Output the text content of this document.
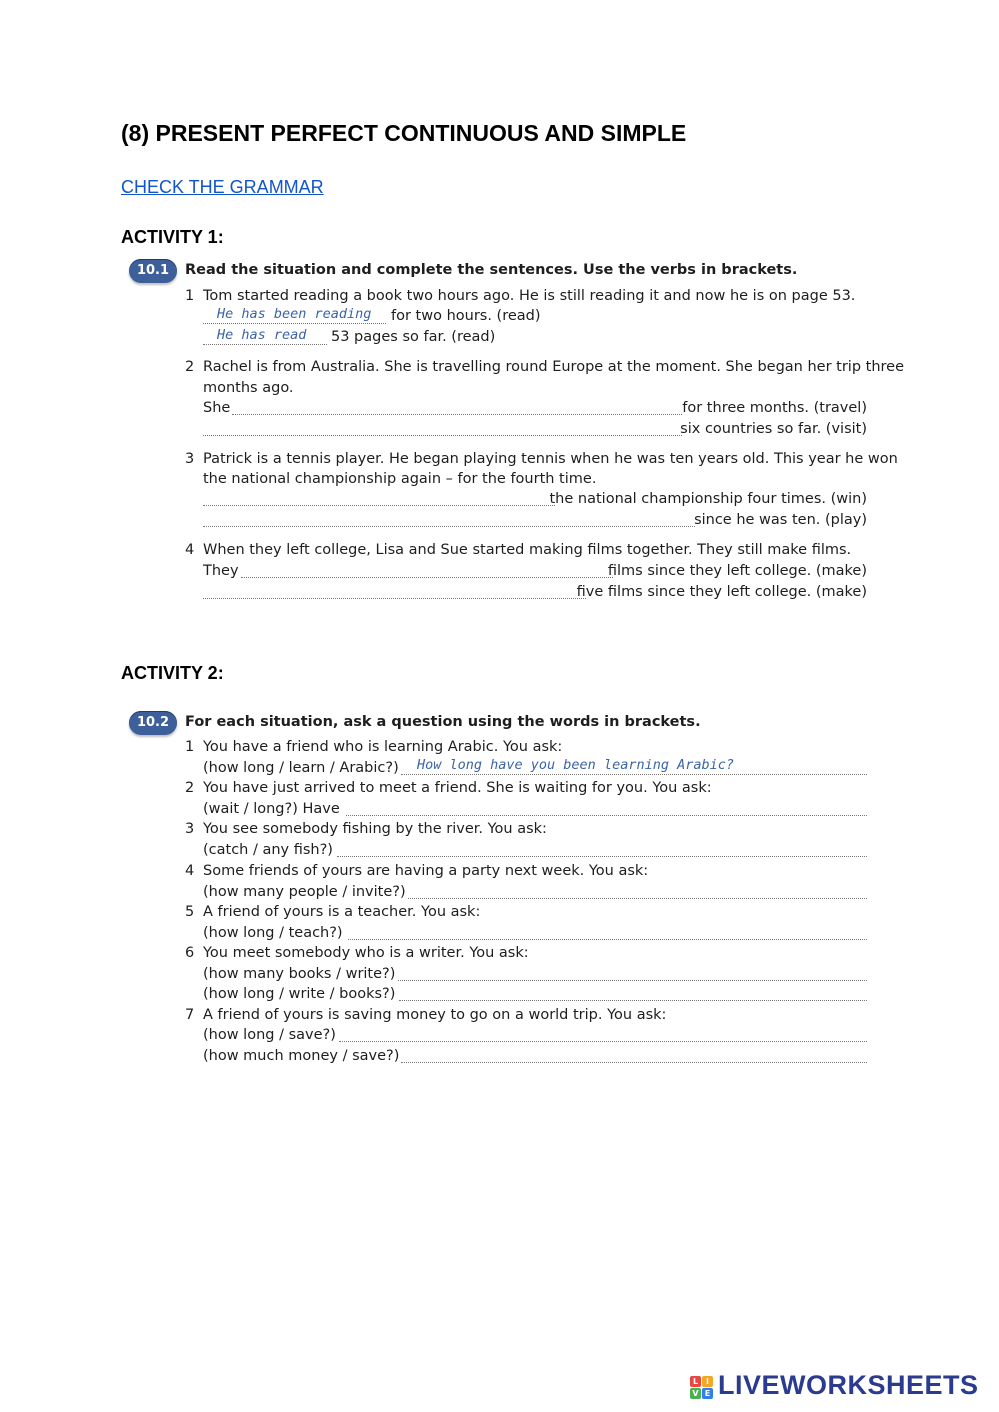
(8) PRESENT PERFECT CONTINUOUS AND SIMPLE
CHECK THE GRAMMAR
ACTIVITY 1:
10.1	Read the situation and complete the sentences. Use the verbs in brackets.
1 Tom started reading a book two hours ago. He is still reading it and now he is on page 53.
He has been reading for two hours. (read)
He has read 53 pages so far. (read)
2 Rachel is from Australia. She is travelling round Europe at the moment. She began her trip three
months ago.
She	for three months. (travel)
six countries so far. (visit)
3 Patrick is a tennis player. He began playing tennis when he was ten years old. This year he won
the national championship again – for the fourth time.
the national championship four times. (win)
since he was ten. (play)
4 When they left college, Lisa and Sue started making films together. They still make films.
They	films since they left college. (make)
five films since they left college. (make)
ACTIVITY 2:
10.2	For each situation, ask a question using the words in brackets.
1 You have a friend who is learning Arabic. You ask:
(how long / learn / Arabic?) How long have you been learning Arabic?
2 You have just arrived to meet a friend. She is waiting for you. You ask:
(wait / long?) Have
3 You see somebody fishing by the river. You ask:
(catch / any fish?)
4 Some friends of yours are having a party next week. You ask:
(how many people / invite?)
5 A friend of yours is a teacher. You ask:
(how long / teach?)
6 You meet somebody who is a writer. You ask:
(how many books / write?)
(how long / write / books?)
7 A friend of yours is saving money to go on a world trip. You ask:
(how long / save?)
(how much money / save?)
L I
V E LIVEWORKSHEETS
